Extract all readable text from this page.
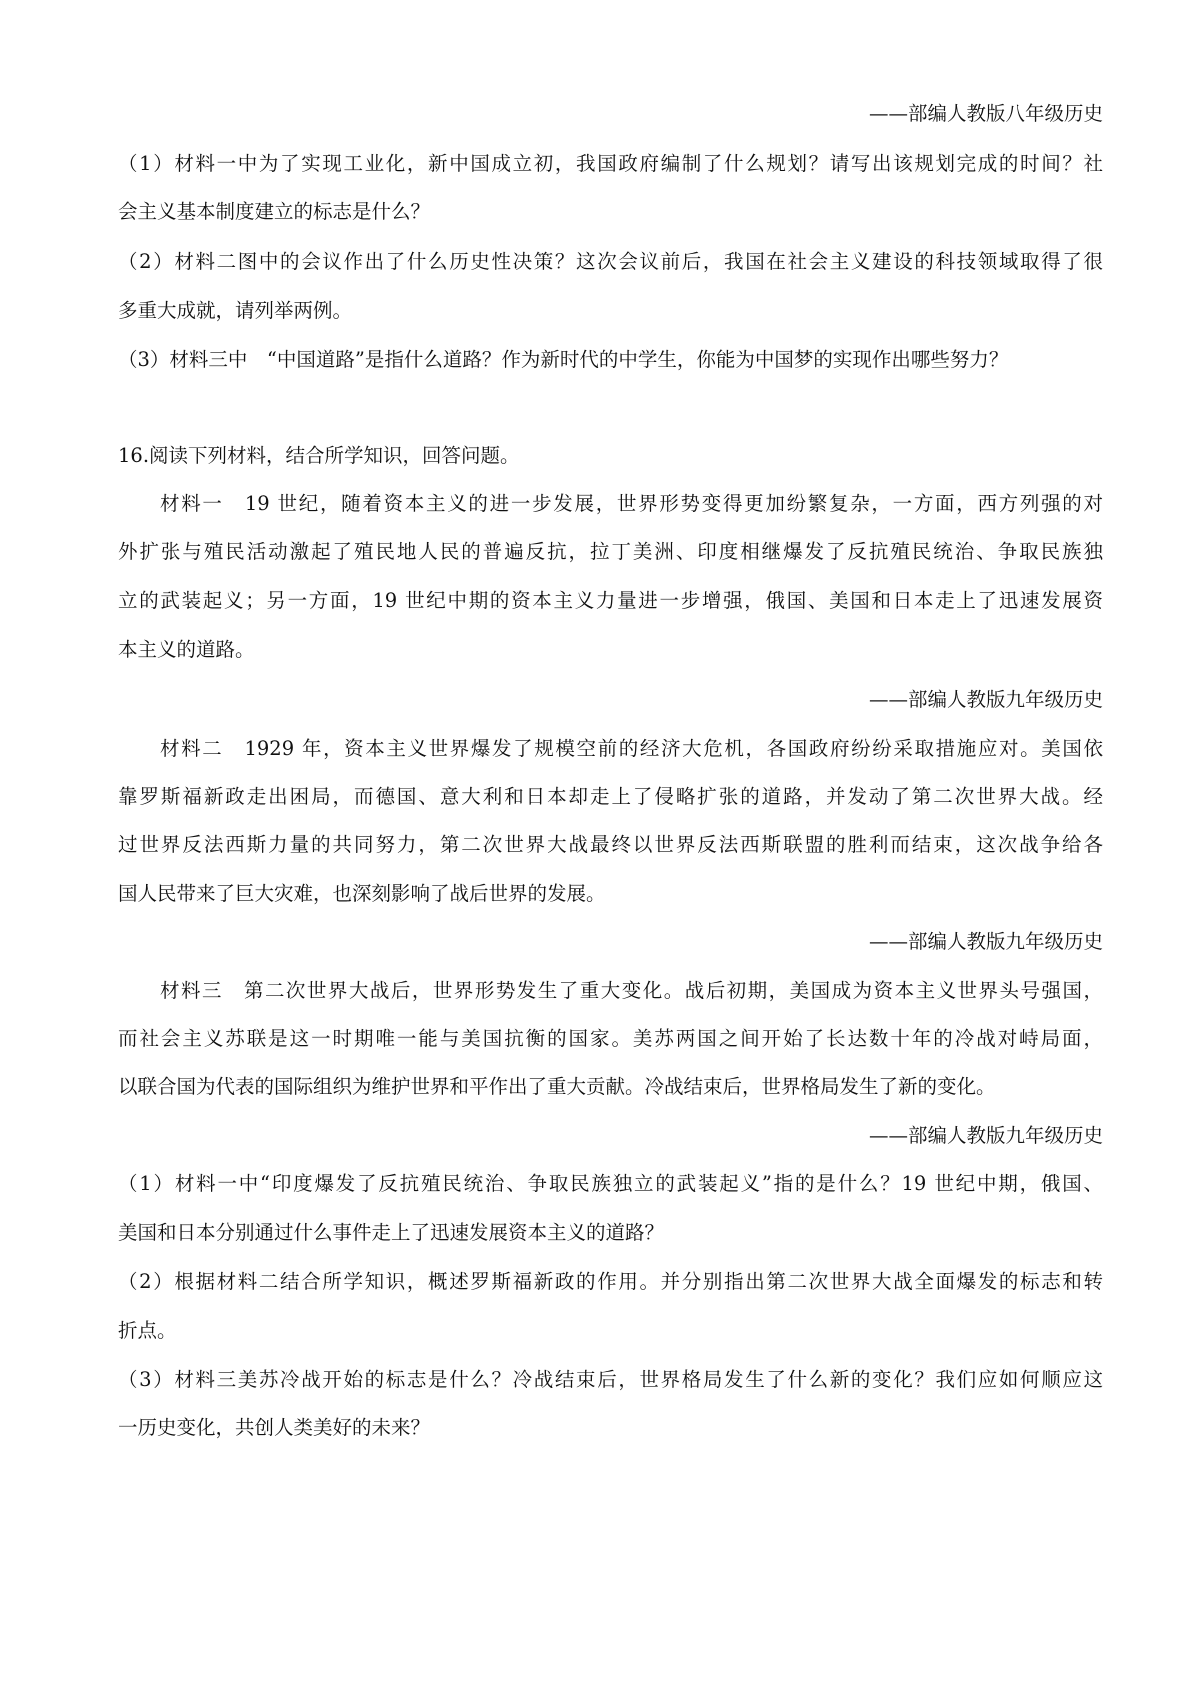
——部编人教版八年级历史
（1）材料一中为了实现工业化，新中国成立初，我国政府编制了什么规划？请写出该规划完成的时间？社
会主义基本制度建立的标志是什么？
（2）材料二图中的会议作出了什么历史性决策？这次会议前后，我国在社会主义建设的科技领域取得了很
多重大成就，请列举两例。
（3）材料三中　“中国道路”是指什么道路？作为新时代的中学生，你能为中国梦的实现作出哪些努力？
16.阅读下列材料，结合所学知识，回答问题。
材料一　19 世纪，随着资本主义的进一步发展，世界形势变得更加纷繁复杂，一方面，西方列强的对
外扩张与殖民活动激起了殖民地人民的普遍反抗，拉丁美洲、印度相继爆发了反抗殖民统治、争取民族独
立的武装起义；另一方面，19 世纪中期的资本主义力量进一步增强，俄国、美国和日本走上了迅速发展资
本主义的道路。
——部编人教版九年级历史
材料二　1929 年，资本主义世界爆发了规模空前的经济大危机，各国政府纷纷采取措施应对。美国依
靠罗斯福新政走出困局，而德国、意大利和日本却走上了侵略扩张的道路，并发动了第二次世界大战。经
过世界反法西斯力量的共同努力，第二次世界大战最终以世界反法西斯联盟的胜利而结束，这次战争给各
国人民带来了巨大灾难，也深刻影响了战后世界的发展。
——部编人教版九年级历史
材料三　第二次世界大战后，世界形势发生了重大变化。战后初期，美国成为资本主义世界头号强国，
而社会主义苏联是这一时期唯一能与美国抗衡的国家。美苏两国之间开始了长达数十年的冷战对峙局面，
以联合国为代表的国际组织为维护世界和平作出了重大贡献。冷战结束后，世界格局发生了新的变化。
——部编人教版九年级历史
（1）材料一中“印度爆发了反抗殖民统治、争取民族独立的武装起义”指的是什么？19 世纪中期，俄国、
美国和日本分别通过什么事件走上了迅速发展资本主义的道路？
（2）根据材料二结合所学知识，概述罗斯福新政的作用。并分别指出第二次世界大战全面爆发的标志和转
折点。
（3）材料三美苏冷战开始的标志是什么？冷战结束后，世界格局发生了什么新的变化？我们应如何顺应这
一历史变化，共创人类美好的未来？
